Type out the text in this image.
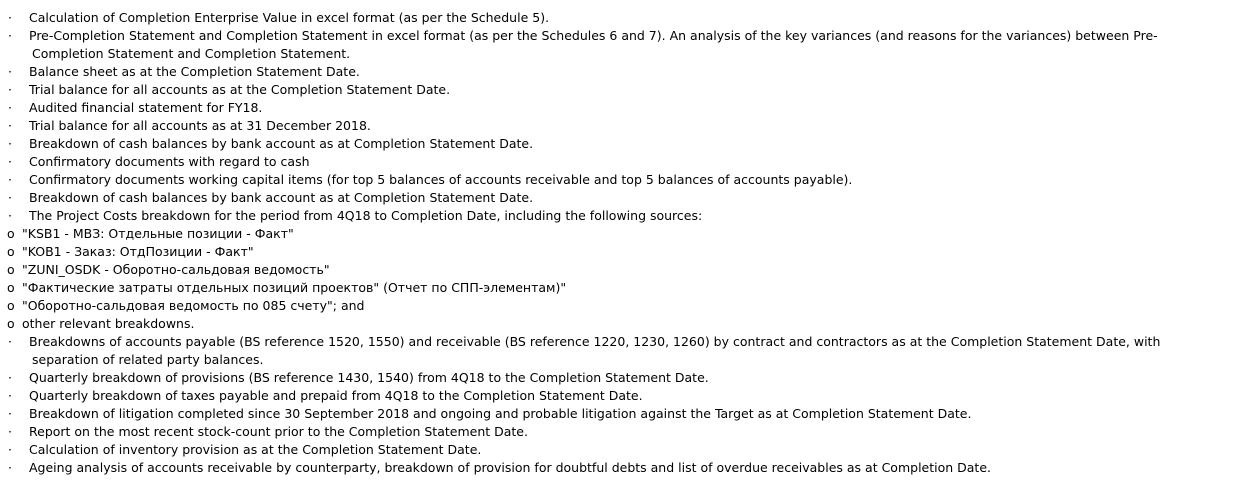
·	Calculation of Completion Enterprise Value in excel format (as per the Schedule 5).
·	Pre-Completion Statement and Completion Statement in excel format (as per the Schedules 6 and 7). An analysis of the key variances (and reasons for the variances) between Pre-
Completion Statement and Completion Statement.
·	Balance sheet as at the Completion Statement Date.
·	Trial balance for all accounts as at the Completion Statement Date.
·	Audited financial statement for FY18.
·	Trial balance for all accounts as at 31 December 2018.
·	Breakdown of cash balances by bank account as at Completion Statement Date.
·	Confirmatory documents with regard to cash
·	Confirmatory documents working capital items (for top 5 balances of accounts receivable and top 5 balances of accounts payable).
·	Breakdown of cash balances by bank account as at Completion Statement Date.
·	The Project Costs breakdown for the period from 4Q18 to Completion Date, including the following sources:
o "KSB1 - МВЗ: Отдельные позиции - Факт"
o "KOB1 - Заказ: ОтдПозиции - Факт"
o "ZUNI_OSDK - Оборотно-сальдовая ведомость"
o "Фактические затраты отдельных позиций проектов" (Отчет по СПП-элементам)"
o "Оборотно-сальдовая ведомость по 085 счету"; and
o other relevant breakdowns.
·	Breakdowns of accounts payable (BS reference 1520, 1550) and receivable (BS reference 1220, 1230, 1260) by contract and contractors as at the Completion Statement Date, with
separation of related party balances.
·	Quarterly breakdown of provisions (BS reference 1430, 1540) from 4Q18 to the Completion Statement Date.
·	Quarterly breakdown of taxes payable and prepaid from 4Q18 to the Completion Statement Date.
·	Breakdown of litigation completed since 30 September 2018 and ongoing and probable litigation against the Target as at Completion Statement Date.
·	Report on the most recent stock-count prior to the Completion Statement Date.
·	Calculation of inventory provision as at the Completion Statement Date.
·	Ageing analysis of accounts receivable by counterparty, breakdown of provision for doubtful debts and list of overdue receivables as at Completion Date.
